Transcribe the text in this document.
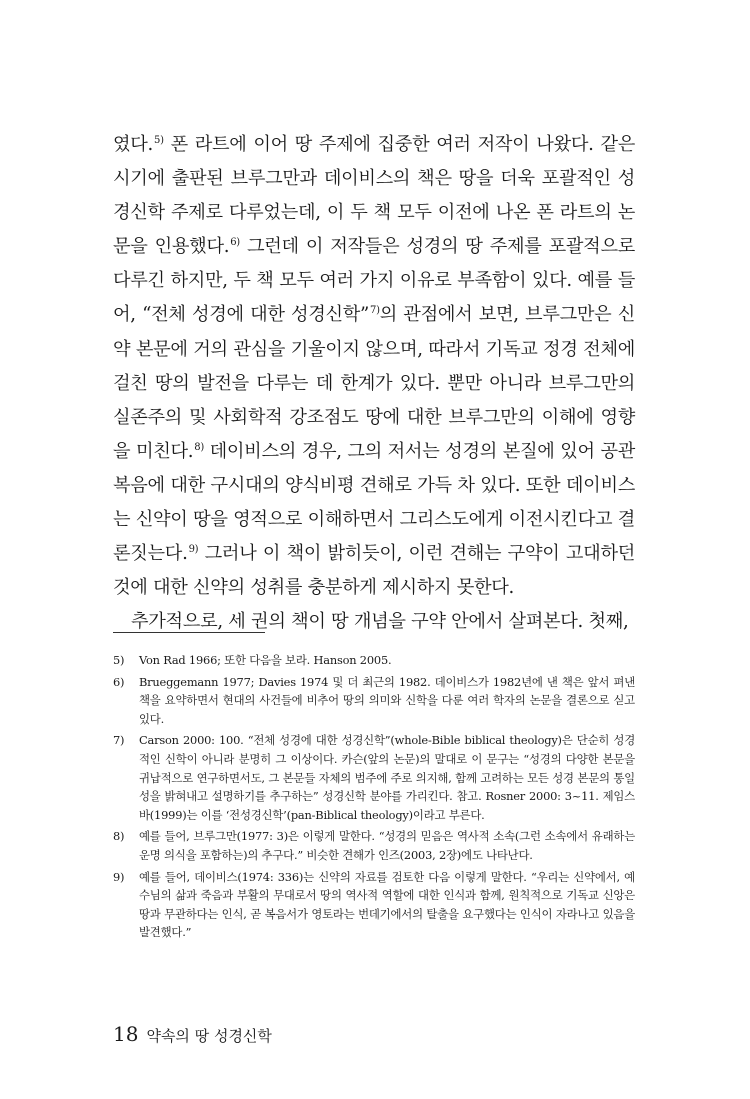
였다.$^{5)}$ 폰 라트에 이어 땅 주제에 집중한 여러 저작이 나왔다. 같은 시기에 출판된 브루그만과 데이비스의 책은 땅을 더욱 포괄적인 성경신학 주제로 다루었는데, 이 두 책 모두 이전에 나온 폰 라트의 논문을 인용했다.$^{6)}$ 그런데 이 저작들은 성경의 땅 주제를 포괄적으로 다루긴 하지만, 두 책 모두 여러 가지 이유로 부족함이 있다. 예를 들어, “전체 성경에 대한 성경신학”$^{7)}$의 관점에서 보면, 브루그만은 신약 본문에 거의 관심을 기울이지 않으며, 따라서 기독교 정경 전체에 걸친 땅의 발전을 다루는 데 한계가 있다. 뿐만 아니라 브루그만의 실존주의 및 사회학적 강조점도 땅에 대한 브루그만의 이해에 영향을 미친다.$^{8)}$ 데이비스의 경우, 그의 저서는 성경의 본질에 있어 공관복음에 대한 구시대의 양식비평 견해로 가득 차 있다. 또한 데이비스는 신약이 땅을 영적으로 이해하면서 그리스도에게 이전시킨다고 결론짓는다.$^{9)}$ 그러나 이 책이 밝히듯이, 이런 견해는 구약이 고대하던 것에 대한 신약의 성취를 충분하게 제시하지 못한다.

추가적으로, 세 권의 책이 땅 개념을 구약 안에서 살펴본다. 첫째,

5)	Von Rad 1966; 또한 다음을 보라. Hanson 2005.
6)	Brueggemann 1977; Davies 1974 및 더 최근의 1982. 데이비스가 1982년에 낸 책은 앞서 펴낸 책을 요약하면서 현대의 사건들에 비추어 땅의 의미와 신학을 다룬 여러 학자의 논문을 결론으로 싣고 있다.
7)	Carson 2000: 100. “전체 성경에 대한 성경신학”(whole-Bible biblical theology)은 단순히 성경적인 신학이 아니라 분명히 그 이상이다. 카슨(앞의 논문)의 말대로 이 문구는 “성경의 다양한 본문을 귀납적으로 연구하면서도, 그 본문들 자체의 범주에 주로 의지해, 함께 고려하는 모든 성경 본문의 통일성을 밝혀내고 설명하기를 추구하는” 성경신학 분야를 가리킨다. 참고. Rosner 2000: 3~11. 제임스 바(1999)는 이를 ‘전성경신학’(pan-Biblical theology)이라고 부른다.
8)	예를 들어, 브루그만(1977: 3)은 이렇게 말한다. “성경의 믿음은 역사적 소속(그런 소속에서 유래하는 운명 의식을 포함하는)의 추구다.” 비슷한 견해가 인즈(2003, 2장)에도 나타난다.
9)	예를 들어, 데이비스(1974: 336)는 신약의 자료를 검토한 다음 이렇게 말한다. “우리는 신약에서, 예수님의 삶과 죽음과 부활의 무대로서 땅의 역사적 역할에 대한 인식과 함께, 원칙적으로 기독교 신앙은 땅과 무관하다는 인식, 곧 복음서가 영토라는 번데기에서의 탈출을 요구했다는 인식이 자라나고 있음을 발견했다.”
18 약속의 땅 성경신학
